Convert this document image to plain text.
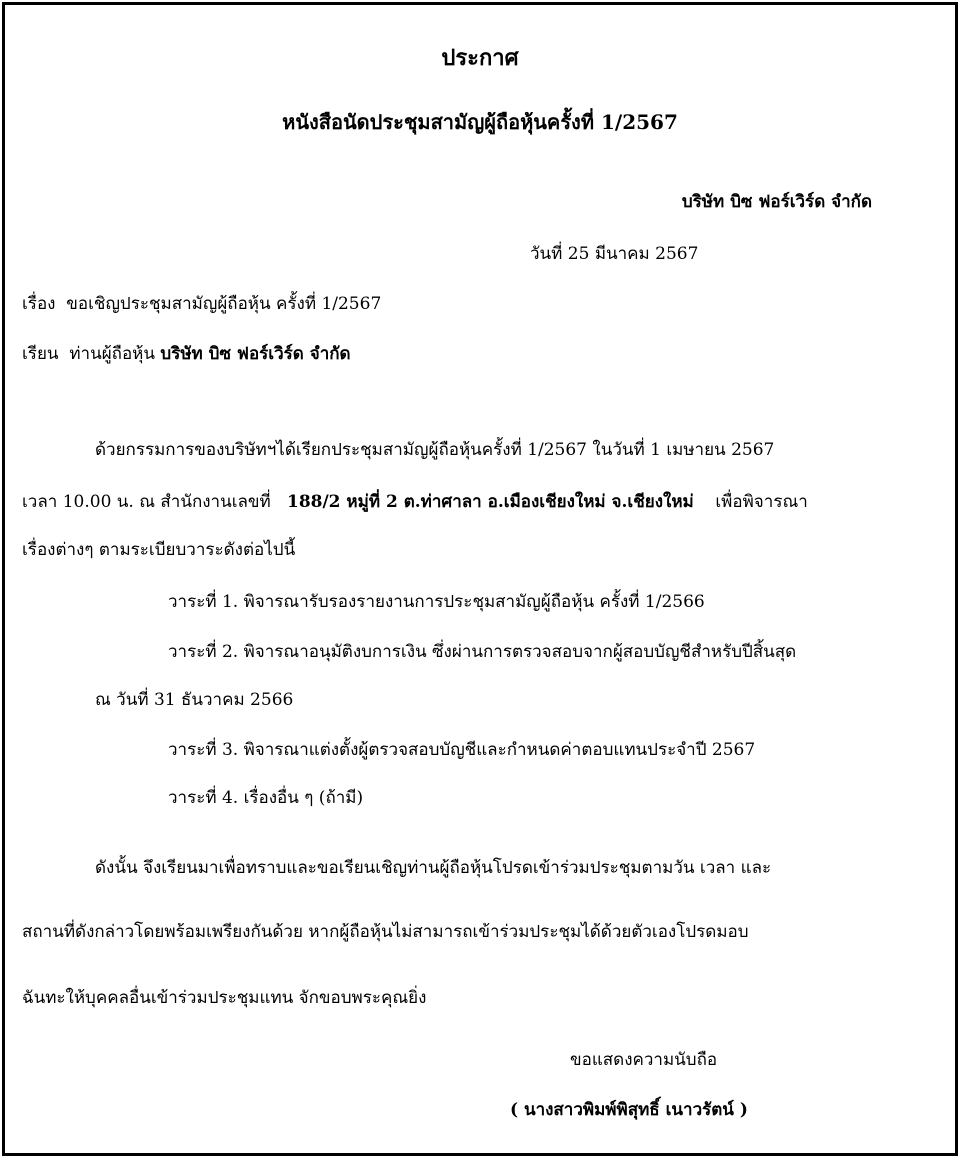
ประกาศ
หนังสือนัดประชุมสามัญผู้ถือหุ้นครั้งที่ 1/2567
บริษัท บิซ ฟอร์เวิร์ด จำกัด
วันที่ 25 มีนาคม 2567
เรื่อง ขอเชิญประชุมสามัญผู้ถือหุ้น ครั้งที่ 1/2567
เรียน ท่านผู้ถือหุ้น บริษัท บิซ ฟอร์เวิร์ด จำกัด
ด้วยกรรมการของบริษัทฯได้เรียกประชุมสามัญผู้ถือหุ้นครั้งที่ 1/2567 ในวันที่ 1 เมษายน 2567
เวลา 10.00 น. ณ สำนักงานเลขที่ 188/2 หมู่ที่ 2 ต.ท่าศาลา อ.เมืองเชียงใหม่ จ.เชียงใหม่ เพื่อพิจารณา
เรื่องต่างๆ ตามระเบียบวาระดังต่อไปนี้
วาระที่ 1. พิจารณารับรองรายงานการประชุมสามัญผู้ถือหุ้น ครั้งที่ 1/2566
วาระที่ 2. พิจารณาอนุมัติงบการเงิน ซึ่งผ่านการตรวจสอบจากผู้สอบบัญชีสำหรับปีสิ้นสุด
ณ วันที่ 31 ธันวาคม 2566
วาระที่ 3. พิจารณาแต่งตั้งผู้ตรวจสอบบัญชีและกำหนดค่าตอบแทนประจำปี 2567
วาระที่ 4. เรื่องอื่น ๆ (ถ้ามี)
ดังนั้น จึงเรียนมาเพื่อทราบและขอเรียนเชิญท่านผู้ถือหุ้นโปรดเข้าร่วมประชุมตามวัน เวลา และ
สถานที่ดังกล่าวโดยพร้อมเพรียงกันด้วย หากผู้ถือหุ้นไม่สามารถเข้าร่วมประชุมได้ด้วยตัวเองโปรดมอบ
ฉันทะให้บุคคลอื่นเข้าร่วมประชุมแทน จักขอบพระคุณยิ่ง
ขอแสดงความนับถือ
( นางสาวพิมพ์พิสุทธิ์ เนาวรัตน์ )
